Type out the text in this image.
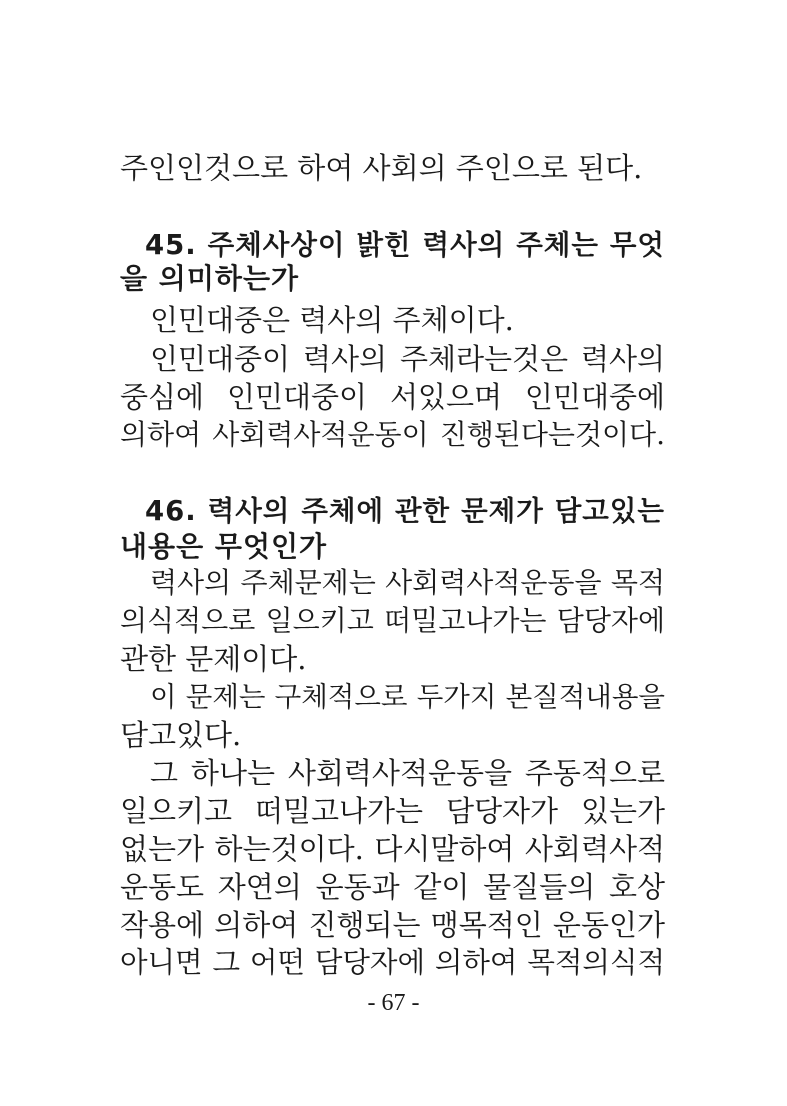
주인인것으로 하여 사회의 주인으로 된다.
45. 주체사상이 밝힌 력사의 주체는 무엇
을 의미하는가
인민대중은 력사의 주체이다.
인민대중이 력사의 주체라는것은 력사의
중심에 인민대중이 서있으며 인민대중에
의하여 사회력사적운동이 진행된다는것이다.
46. 력사의 주체에 관한 문제가 담고있는
내용은 무엇인가
력사의 주체문제는 사회력사적운동을 목적
의식적으로 일으키고 떠밀고나가는 담당자에
관한 문제이다.
이 문제는 구체적으로 두가지 본질적내용을
담고있다.
그 하나는 사회력사적운동을 주동적으로
일으키고 떠밀고나가는 담당자가 있는가
없는가 하는것이다. 다시말하여 사회력사적
운동도 자연의 운동과 같이 물질들의 호상
작용에 의하여 진행되는 맹목적인 운동인가
아니면 그 어떤 담당자에 의하여 목적의식적
- 67 -
